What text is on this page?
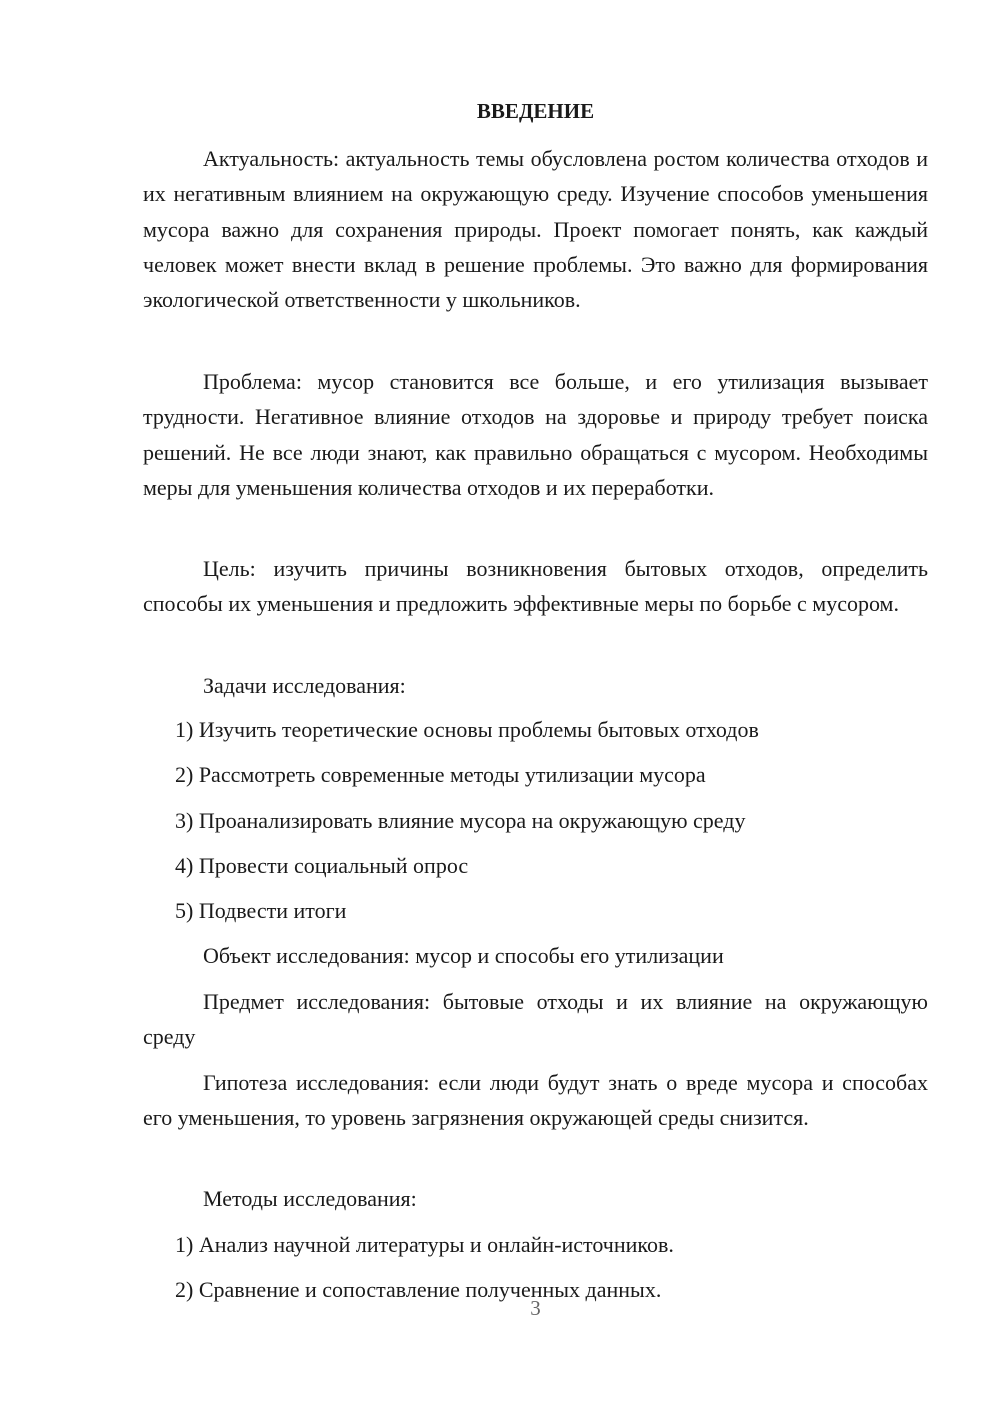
ВВЕДЕНИЕ

Актуальность: актуальность темы обусловлена ростом количества отходов и их негативным влиянием на окружающую среду. Изучение способов уменьшения мусора важно для сохранения природы. Проект помогает понять, как каждый человек может внести вклад в решение проблемы. Это важно для формирования экологической ответственности у школьников.

Проблема: мусор становится все больше, и его утилизация вызывает трудности. Негативное влияние отходов на здоровье и природу требует поиска решений. Не все люди знают, как правильно обращаться с мусором. Необходимы меры для уменьшения количества отходов и их переработки.

Цель: изучить причины возникновения бытовых отходов, определить способы их уменьшения и предложить эффективные меры по борьбе с мусором.

Задачи исследования:

1) Изучить теоретические основы проблемы бытовых отходов

2) Рассмотреть современные методы утилизации мусора

3) Проанализировать влияние мусора на окружающую среду

4) Провести социальный опрос

5) Подвести итоги

Объект исследования: мусор и способы его утилизации

Предмет исследования: бытовые отходы и их влияние на окружающую среду

Гипотеза исследования: если люди будут знать о вреде мусора и способах его уменьшения, то уровень загрязнения окружающей среды снизится.

Методы исследования:

1) Анализ научной литературы и онлайн-источников.

2) Сравнение и сопоставление полученных данных.

3
